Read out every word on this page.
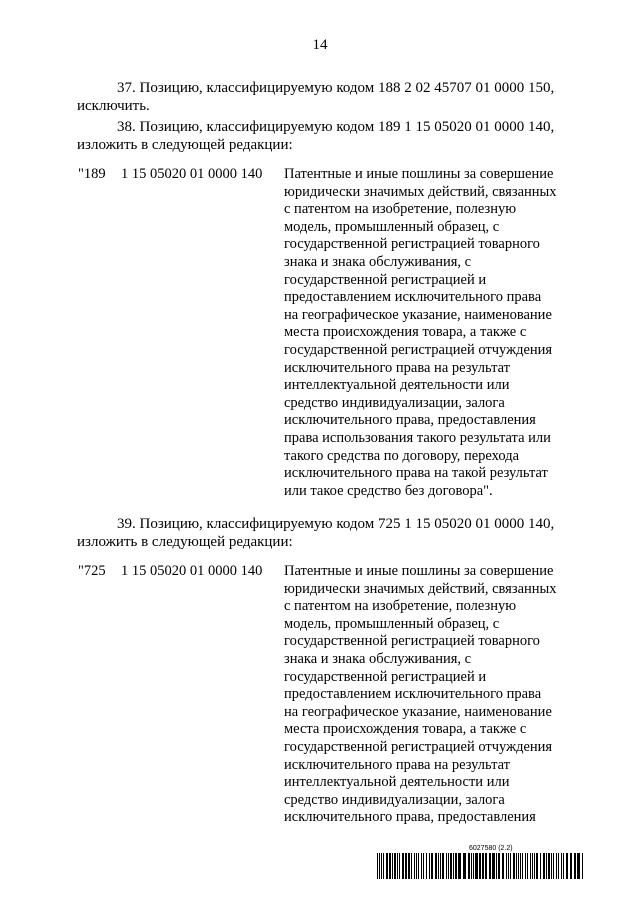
14
37. Позицию, классифицируемую кодом 188 2 02 45707 01 0000 150,
исключить.
38. Позицию, классифицируемую кодом 189 1 15 05020 01 0000 140,
изложить в следующей редакции:
"189	1 15 05020 01 0000 140 Патентные и иные пошлины за совершение
юридически значимых действий, связанных
с патентом на изобретение, полезную
модель, промышленный образец, с
государственной регистрацией товарного
знака и знака обслуживания, с
государственной регистрацией и
предоставлением исключительного права
на географическое указание, наименование
места происхождения товара, а также с
государственной регистрацией отчуждения
исключительного права на результат
интеллектуальной деятельности или
средство индивидуализации, залога
исключительного права, предоставления
права использования такого результата или
такого средства по договору, перехода
исключительного права на такой результат
или такое средство без договора".
39. Позицию, классифицируемую кодом 725 1 15 05020 01 0000 140,
изложить в следующей редакции:
"725	1 15 05020 01 0000 140 Патентные и иные пошлины за совершение
юридически значимых действий, связанных
с патентом на изобретение, полезную
модель, промышленный образец, с
государственной регистрацией товарного
знака и знака обслуживания, с
государственной регистрацией и
предоставлением исключительного права
на географическое указание, наименование
места происхождения товара, а также с
государственной регистрацией отчуждения
исключительного права на результат
интеллектуальной деятельности или
средство индивидуализации, залога
исключительного права, предоставления
6027580 (2.2)
